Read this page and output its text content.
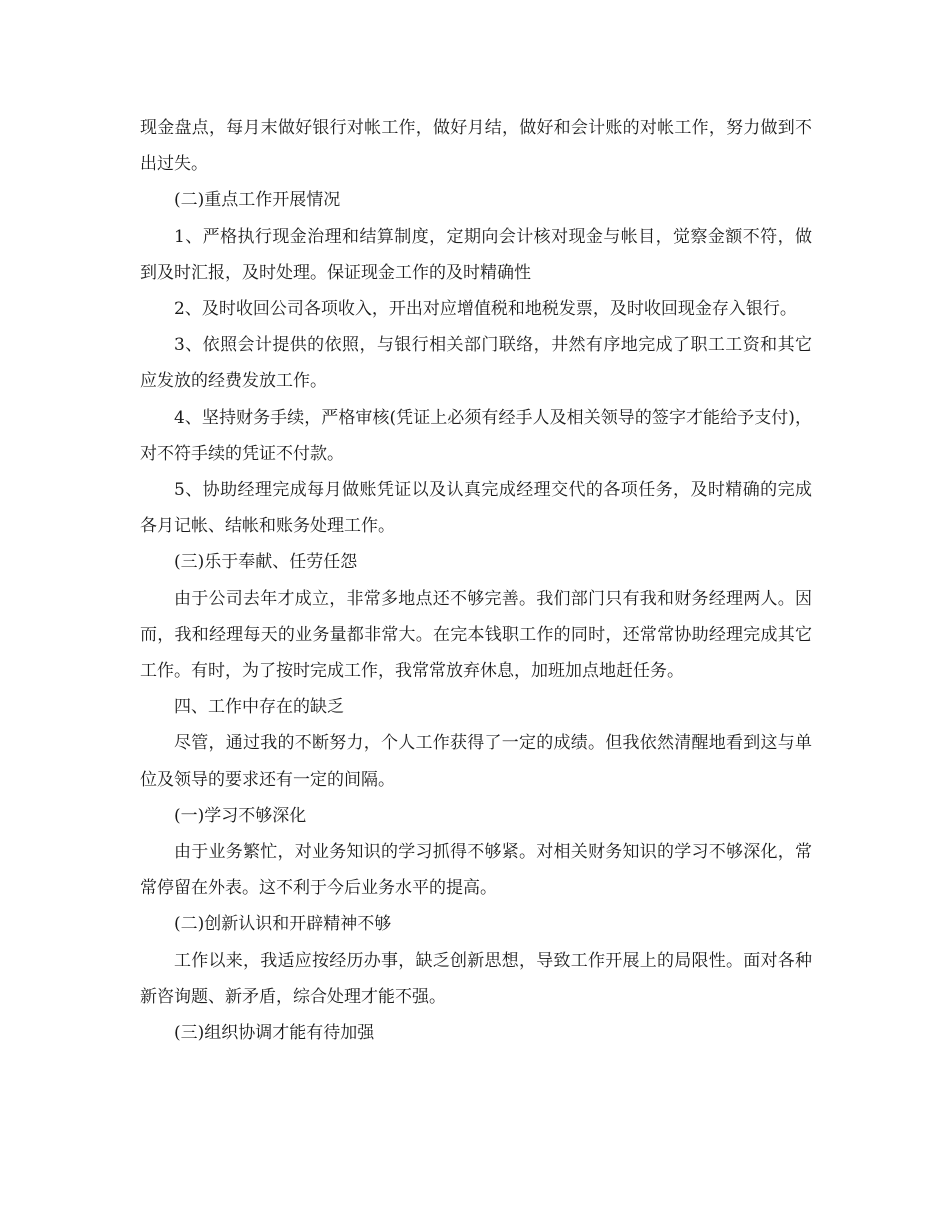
现金盘点，每月末做好银行对帐工作，做好月结，做好和会计账的对帐工作，努力做到不出过失。

(二)重点工作开展情况

1、严格执行现金治理和结算制度，定期向会计核对现金与帐目，觉察金额不符，做到及时汇报，及时处理。保证现金工作的及时精确性

2、及时收回公司各项收入，开出对应增值税和地税发票，及时收回现金存入银行。

3、依照会计提供的依照，与银行相关部门联络，井然有序地完成了职工工资和其它应发放的经费发放工作。

4、坚持财务手续，严格审核(凭证上必须有经手人及相关领导的签字才能给予支付)，对不符手续的凭证不付款。

5、协助经理完成每月做账凭证以及认真完成经理交代的各项任务，及时精确的完成各月记帐、结帐和账务处理工作。

(三)乐于奉献、任劳任怨

由于公司去年才成立，非常多地点还不够完善。我们部门只有我和财务经理两人。因而，我和经理每天的业务量都非常大。在完本钱职工作的同时，还常常协助经理完成其它工作。有时，为了按时完成工作，我常常放弃休息，加班加点地赶任务。

四、工作中存在的缺乏

尽管，通过我的不断努力，个人工作获得了一定的成绩。但我依然清醒地看到这与单位及领导的要求还有一定的间隔。

(一)学习不够深化

由于业务繁忙，对业务知识的学习抓得不够紧。对相关财务知识的学习不够深化，常常停留在外表。这不利于今后业务水平的提高。

(二)创新认识和开辟精神不够

工作以来，我适应按经历办事，缺乏创新思想，导致工作开展上的局限性。面对各种新咨询题、新矛盾，综合处理才能不强。

(三)组织协调才能有待加强
